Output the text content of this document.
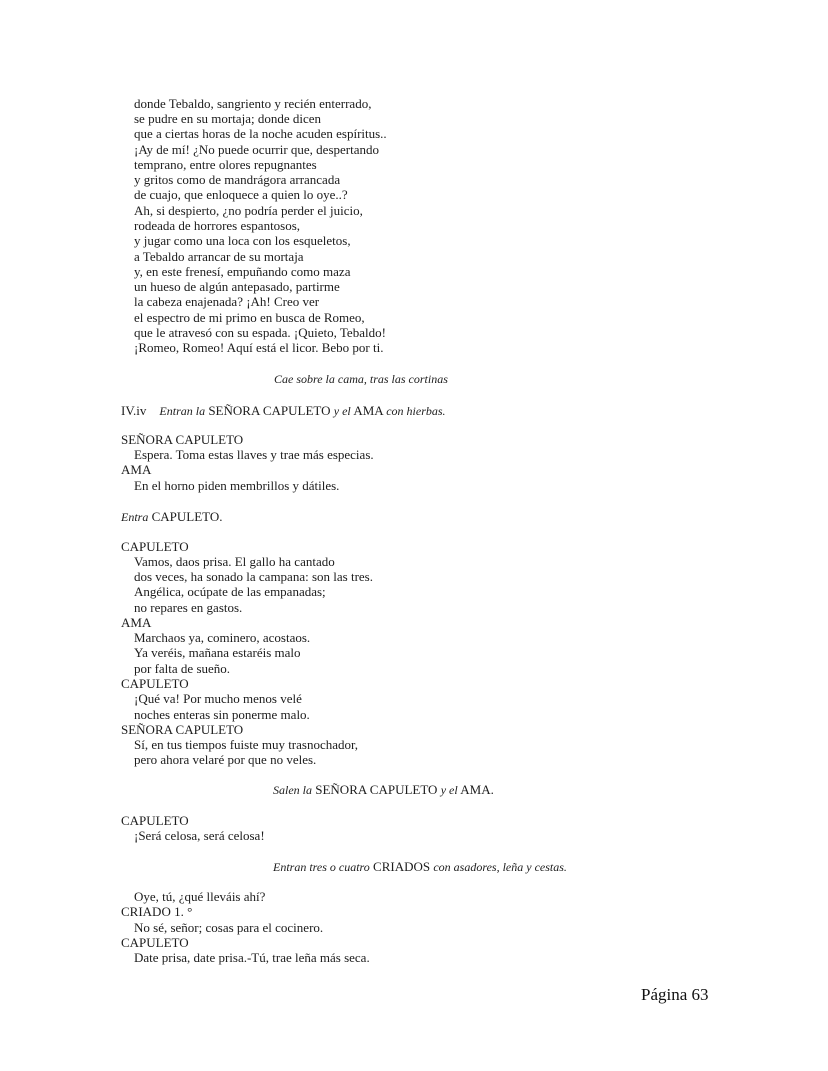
donde Tebaldo, sangriento y recién enterrado,
se pudre en su mortaja; donde dicen
que a ciertas horas de la noche acuden espíritus..
¡Ay de mí! ¿No puede ocurrir que, despertando
temprano, entre olores repugnantes
y gritos como de mandrágora arrancada
de cuajo, que enloquece a quien lo oye..?
Ah, si despierto, ¿no podría perder el juicio,
rodeada de horrores espantosos,
y jugar como una loca con los esqueletos,
a Tebaldo arrancar de su mortaja
y, en este frenesí, empuñando como maza
un hueso de algún antepasado, partirme
la cabeza enajenada? ¡Ah! Creo ver
el espectro de mi primo en busca de Romeo,
que le atravesó con su espada. ¡Quieto, Tebaldo!
¡Romeo, Romeo! Aquí está el licor. Bebo por ti.
Cae sobre la cama, tras las cortinas
IV.iv Entran la SEÑORA CAPULETO y el AMA con hierbas.
SEÑORA CAPULETO
Espera. Toma estas llaves y trae más especias.
AMA
En el horno piden membrillos y dátiles.
Entra CAPULETO.
CAPULETO
Vamos, daos prisa. El gallo ha cantado
dos veces, ha sonado la campana: son las tres.
Angélica, ocúpate de las empanadas;
no repares en gastos.
AMA
Marchaos ya, cominero, acostaos.
Ya veréis, mañana estaréis malo
por falta de sueño.
CAPULETO
¡Qué va! Por mucho menos velé
noches enteras sin ponerme malo.
SEÑORA CAPULETO
Sí, en tus tiempos fuiste muy trasnochador,
pero ahora velaré por que no veles.
Salen la SEÑORA CAPULETO y el AMA.
CAPULETO
¡Será celosa, será celosa!
Entran tres o cuatro CRIADOS con asadores, leña y cestas.
Oye, tú, ¿qué lleváis ahí?
CRIADO 1. °
No sé, señor; cosas para el cocinero.
CAPULETO
Date prisa, date prisa.-Tú, trae leña más seca.
Página 63
